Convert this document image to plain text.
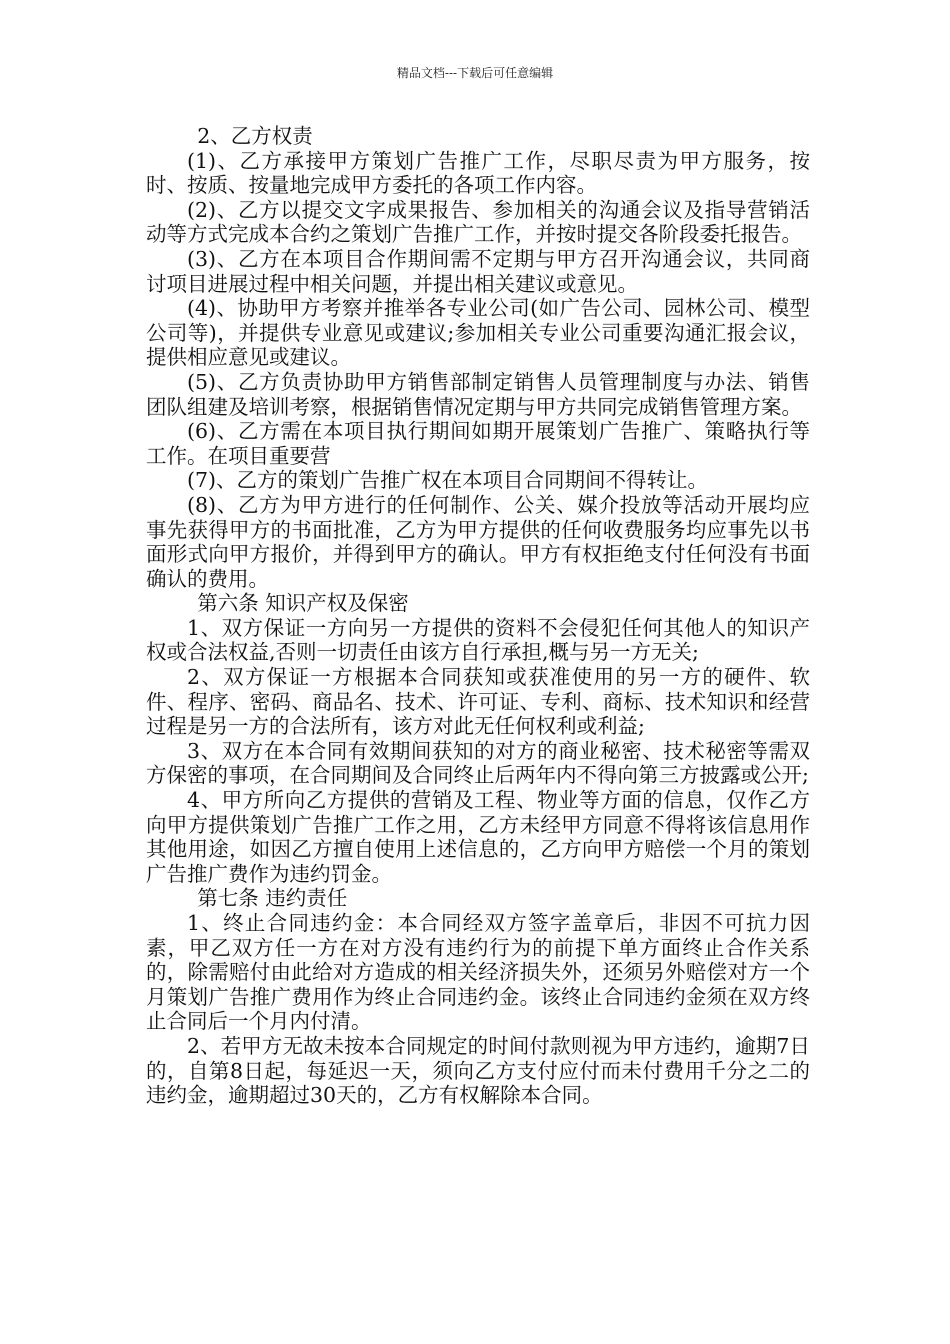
精品文档---下载后可任意编辑

2、乙方权责

(1)、乙方承接甲方策划广告推广工作，尽职尽责为甲方服务，按时、按质、按量地完成甲方委托的各项工作内容。

(2)、乙方以提交文字成果报告、参加相关的沟通会议及指导营销活动等方式完成本合约之策划广告推广工作，并按时提交各阶段委托报告。

(3)、乙方在本项目合作期间需不定期与甲方召开沟通会议，共同商讨项目进展过程中相关问题，并提出相关建议或意见。

(4)、协助甲方考察并推举各专业公司(如广告公司、园林公司、模型公司等)，并提供专业意见或建议;参加相关专业公司重要沟通汇报会议，提供相应意见或建议。

(5)、乙方负责协助甲方销售部制定销售人员管理制度与办法、销售团队组建及培训考察，根据销售情况定期与甲方共同完成销售管理方案。

(6)、乙方需在本项目执行期间如期开展策划广告推广、策略执行等工作。在项目重要营

(7)、乙方的策划广告推广权在本项目合同期间不得转让。

(8)、乙方为甲方进行的任何制作、公关、媒介投放等活动开展均应事先获得甲方的书面批准，乙方为甲方提供的任何收费服务均应事先以书面形式向甲方报价，并得到甲方的确认。甲方有权拒绝支付任何没有书面确认的费用。

第六条 知识产权及保密

1、双方保证一方向另一方提供的资料不会侵犯任何其他人的知识产权或合法权益,否则一切责任由该方自行承担,概与另一方无关;

2、双方保证一方根据本合同获知或获准使用的另一方的硬件、软件、程序、密码、商品名、技术、许可证、专利、商标、技术知识和经营过程是另一方的合法所有，该方对此无任何权利或利益;

3、双方在本合同有效期间获知的对方的商业秘密、技术秘密等需双方保密的事项，在合同期间及合同终止后两年内不得向第三方披露或公开;

4、甲方所向乙方提供的营销及工程、物业等方面的信息，仅作乙方向甲方提供策划广告推广工作之用，乙方未经甲方同意不得将该信息用作其他用途，如因乙方擅自使用上述信息的，乙方向甲方赔偿一个月的策划广告推广费作为违约罚金。

第七条 违约责任

1、终止合同违约金：本合同经双方签字盖章后，非因不可抗力因素，甲乙双方任一方在对方没有违约行为的前提下单方面终止合作关系的，除需赔付由此给对方造成的相关经济损失外，还须另外赔偿对方一个月策划广告推广费用作为终止合同违约金。该终止合同违约金须在双方终止合同后一个月内付清。

2、若甲方无故未按本合同规定的时间付款则视为甲方违约，逾期7日的，自第8日起，每延迟一天，须向乙方支付应付而未付费用千分之二的违约金，逾期超过30天的，乙方有权解除本合同。
